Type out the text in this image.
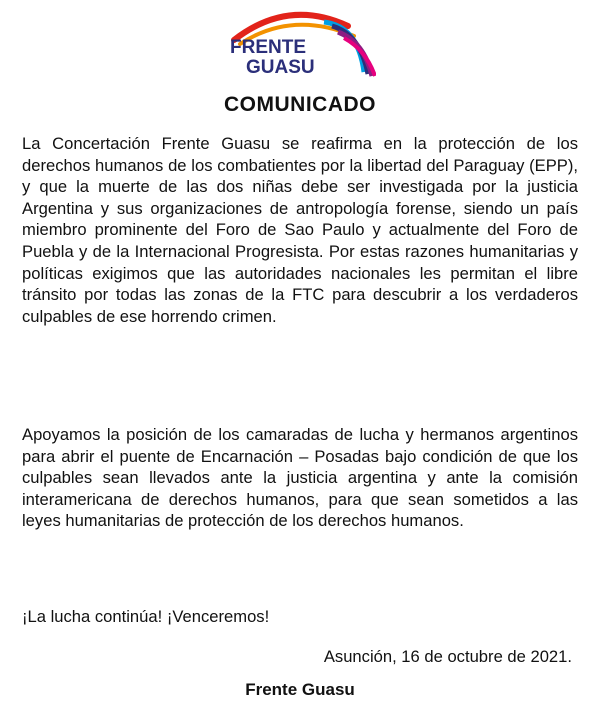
FRENTE
GUASU
COMUNICADO

La Concertación Frente Guasu se reafirma en la protección de los derechos humanos de los combatientes por la libertad del Paraguay (EPP), y que la muerte de las dos niñas debe ser investigada por la justicia Argentina y sus organizaciones de antropología forense, siendo un país miembro prominente del Foro de Sao Paulo y actualmente del Foro de Puebla y de la Internacional Progresista. Por estas razones humanitarias y políticas exigimos que las autoridades nacionales les permitan el libre tránsito por todas las zonas de la FTC para descubrir a los verdaderos culpables de ese horrendo crimen.

Apoyamos la posición de los camaradas de lucha y hermanos argentinos para abrir el puente de Encarnación – Posadas bajo condición de que los culpables sean llevados ante la justicia argentina y ante la comisión interamericana de derechos humanos, para que sean sometidos a las leyes humanitarias de protección de los derechos humanos.

¡La lucha continúa! ¡Venceremos!

Asunción, 16 de octubre de 2021.

Frente Guasu
